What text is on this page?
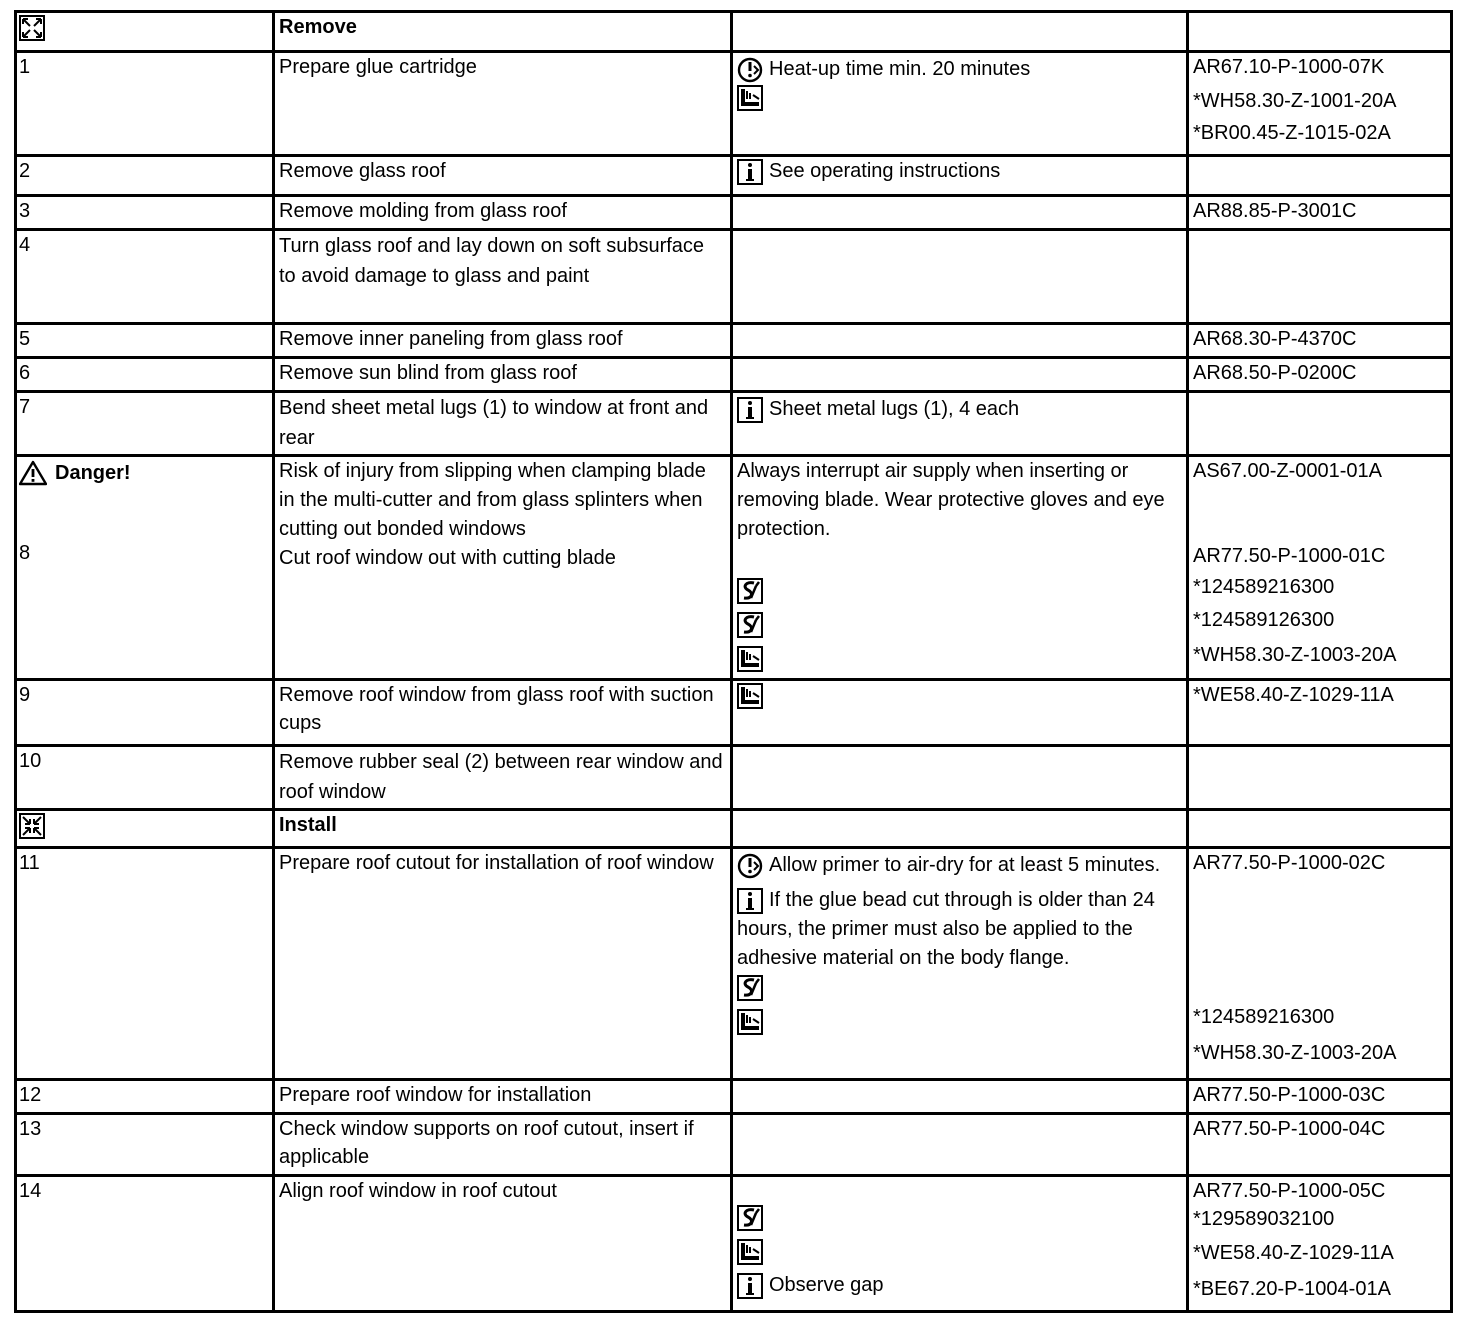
	Remove		
1	Prepare glue cartridge	Heat-up time min. 20 minutes	AR67.10-P-1000-07K
*WH58.30-Z-1001-20A
*BR00.45-Z-1015-02A

2	Remove glass roof	See operating instructions	

3	Remove molding from glass roof		AR88.85-P-3001C

4	Turn glass roof and lay down on soft subsurface to avoid damage to glass and paint		
5	Remove inner paneling from glass roof		AR68.30-P-4370C

6	Remove sun blind from glass roof		AR68.50-P-0200C

7	Bend sheet metal lugs (1) to window at front and rear	Sheet metal lugs (1), 4 each	

Danger!
8	Risk of injury from slipping when clamping blade in the multi-cutter and from glass splinters when cutting out bonded windows
Cut roof window out with cutting blade	Always interrupt air supply when inserting or removing blade. Wear protective gloves and eye protection.	AS67.00-Z-0001-01A
AR77.50-P-1000-01C
*124589216300
*124589126300
*WH58.30-Z-1003-20A

9	Remove roof window from glass roof with suction cups		*WE58.40-Z-1029-11A

10	Remove rubber seal (2) between rear window and roof window		
	Install		
11	Prepare roof cutout for installation of roof window	Allow primer to air-dry for at least 5 minutes.
If the glue bead cut through is older than 24 hours, the primer must also be applied to the adhesive material on the body flange.	AR77.50-P-1000-02C
*124589216300
*WH58.30-Z-1003-20A

12	Prepare roof window for installation		AR77.50-P-1000-03C

13	Check window supports on roof cutout, insert if applicable		AR77.50-P-1000-04C

14	Align roof window in roof cutout	Observe gap	AR77.50-P-1000-05C
*129589032100
*WE58.40-Z-1029-11A
*BE67.20-P-1004-01A
